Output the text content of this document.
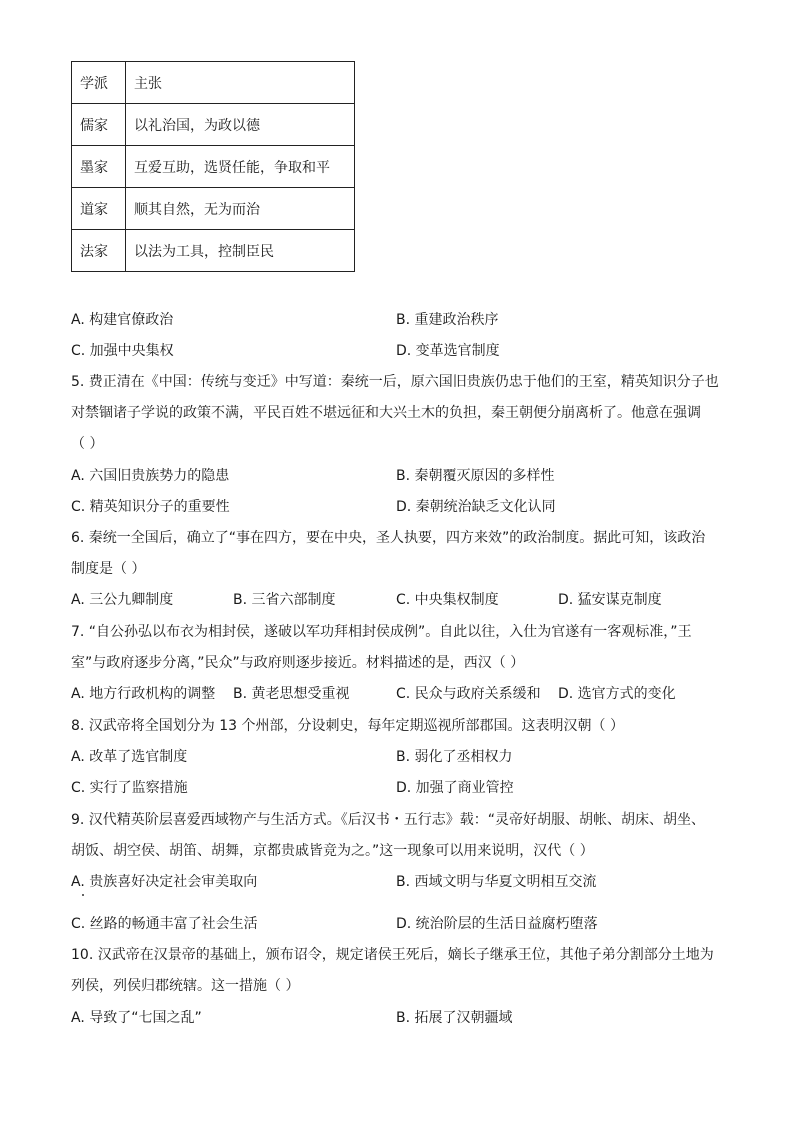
学派	主张
儒家	以礼治国，为政以德
墨家	互爱互助，选贤任能，争取和平
道家	顺其自然，无为而治
法家	以法为工具，控制臣民
A. 构建官僚政治	B. 重建政治秩序
C. 加强中央集权	D. 变革选官制度
5. 费正清在《中国：传统与变迁》中写道：秦统一后，原六国旧贵族仍忠于他们的王室，精英知识分子也
对禁锢诸子学说的政策不满，平民百姓不堪远征和大兴土木的负担，秦王朝便分崩离析了。他意在强调
（ ）
A. 六国旧贵族势力的隐患	B. 秦朝覆灭原因的多样性
C. 精英知识分子的重要性	D. 秦朝统治缺乏文化认同
6. 秦统一全国后，确立了“事在四方，要在中央，圣人执要，四方来效”的政治制度。据此可知，该政治
制度是（ ）
A. 三公九卿制度	B. 三省六部制度	C. 中央集权制度	D. 猛安谋克制度
7. “自公孙弘以布衣为相封侯，遂破以军功拜相封侯成例”。自此以往，入仕为官遂有一客观标准，”王
室”与政府逐步分离，”民众”与政府则逐步接近。材料描述的是，西汉（ ）
A. 地方行政机构的调整 B. 黄老思想受重视	C. 民众与政府关系缓和 D. 选官方式的变化
8. 汉武帝将全国划分为 13 个州部，分设刺史，每年定期巡视所部郡国。这表明汉朝（ ）
A. 改革了选官制度	B. 弱化了丞相权力
C. 实行了监察措施	D. 加强了商业管控
9. 汉代精英阶层喜爱西域物产与生活方式。《后汉书・五行志》载：“灵帝好胡服、胡帐、胡床、胡坐、
胡饭、胡空侯、胡笛、胡舞，京都贵戚皆竞为之。”这一现象可以用来说明，汉代（ ）
A. 贵族喜好决定社会审美取向	B. 西域文明与华夏文明相互交流
C. 丝路的畅通丰富了社会生活	D. 统治阶层的生活日益腐朽堕落
10. 汉武帝在汉景帝的基础上，颁布诏令，规定诸侯王死后，嫡长子继承王位，其他子弟分割部分土地为
列侯，列侯归郡统辖。这一措施（ ）
A. 导致了“七国之乱”	B. 拓展了汉朝疆域
